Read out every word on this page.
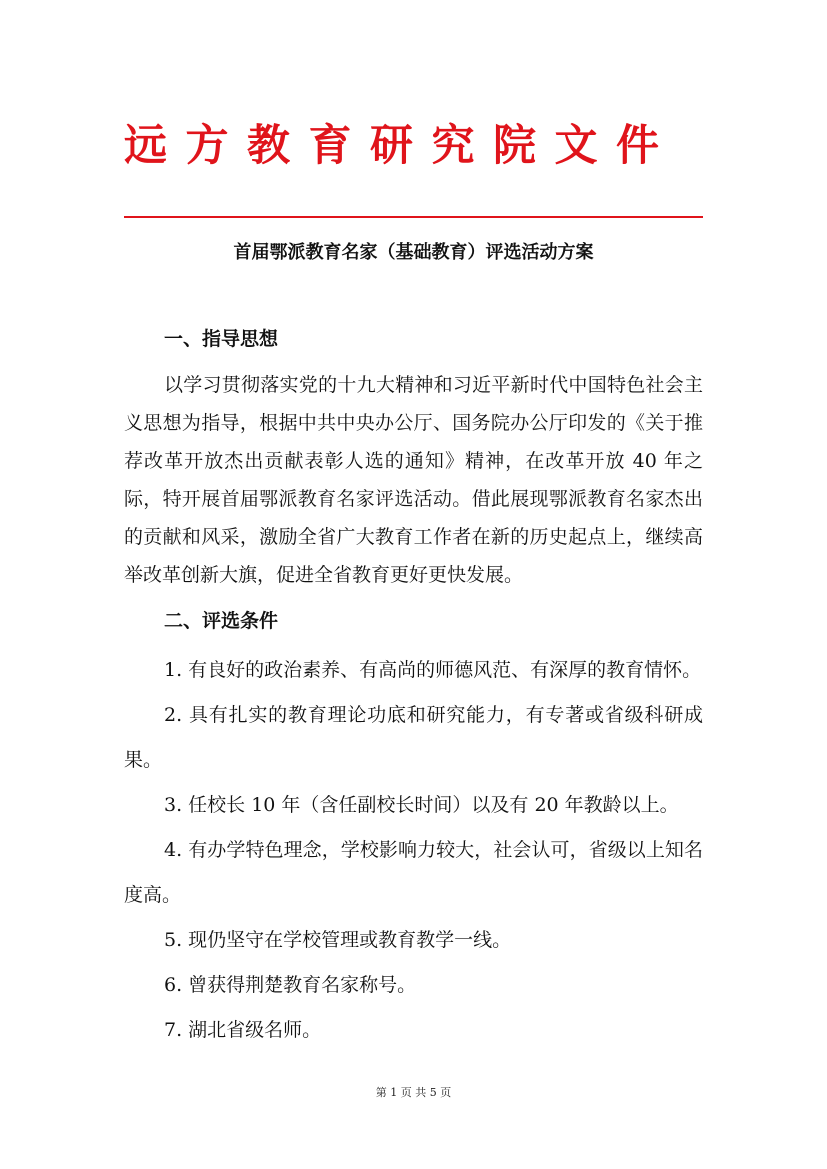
远方教育研究院文件
首届鄂派教育名家（基础教育）评选活动方案
一、指导思想

以学习贯彻落实党的十九大精神和习近平新时代中国特色社会主义思想为指导，根据中共中央办公厅、国务院办公厅印发的《关于推荐改革开放杰出贡献表彰人选的通知》精神，在改革开放 40 年之际，特开展首届鄂派教育名家评选活动。借此展现鄂派教育名家杰出的贡献和风采，激励全省广大教育工作者在新的历史起点上，继续高举改革创新大旗，促进全省教育更好更快发展。

二、评选条件

1. 有良好的政治素养、有高尚的师德风范、有深厚的教育情怀。

2. 具有扎实的教育理论功底和研究能力，有专著或省级科研成果。

3. 任校长 10 年（含任副校长时间）以及有 20 年教龄以上。

4. 有办学特色理念，学校影响力较大，社会认可，省级以上知名度高。

5. 现仍坚守在学校管理或教育教学一线。

6. 曾获得荆楚教育名家称号。

7. 湖北省级名师。

第 1 页 共 5 页
